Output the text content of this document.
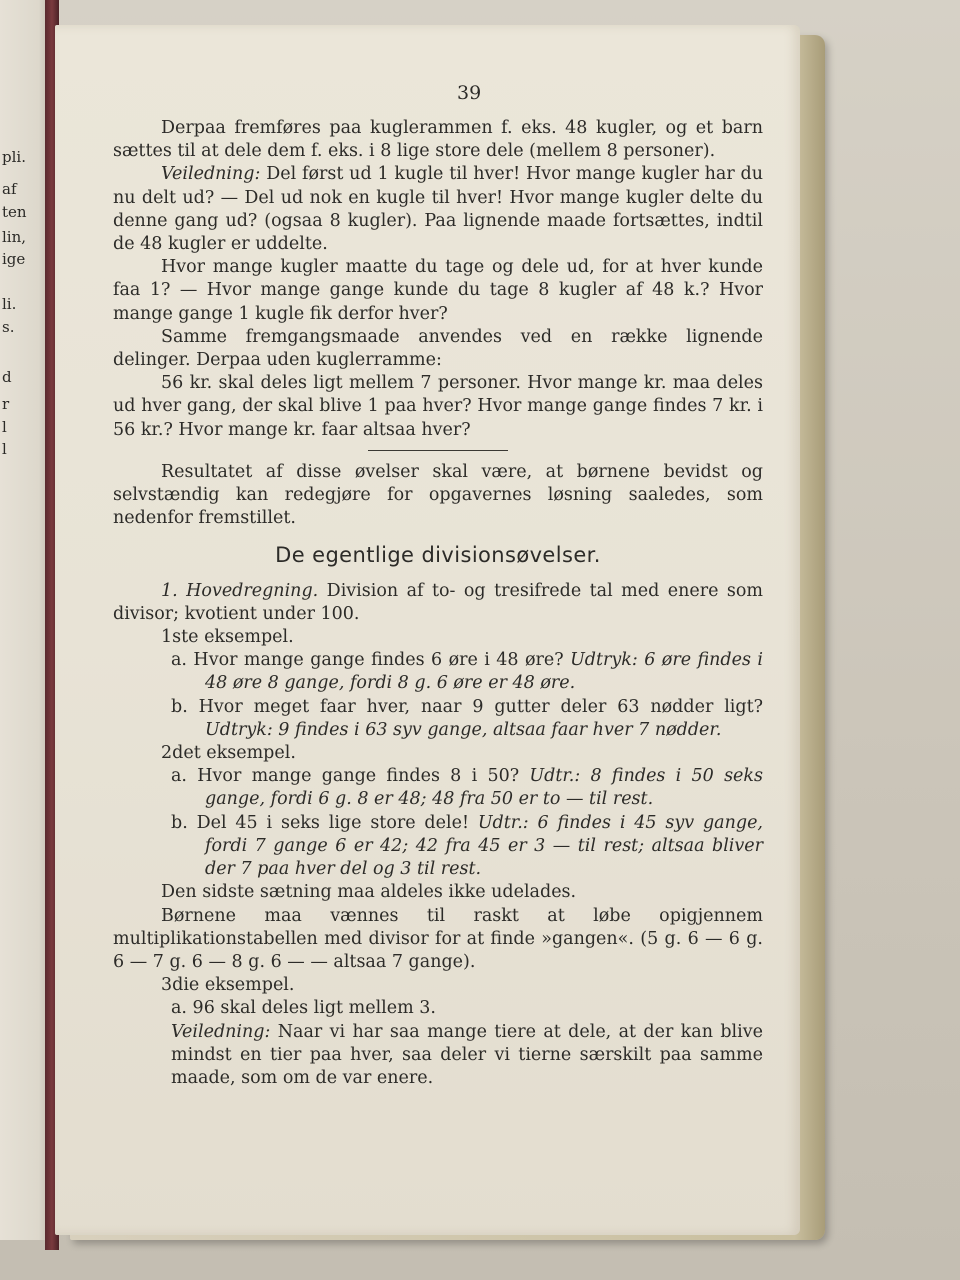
pli.
af
ten
lin,
ige
li.
s.
d
r
l
l
39

Derpaa fremføres paa kuglerammen f. eks. 48 kugler, og et barn sættes til at dele dem f. eks. i 8 lige store dele (mellem 8 personer).

Veiledning: Del først ud 1 kugle til hver! Hvor mange kugler har du nu delt ud? — Del ud nok en kugle til hver! Hvor mange kugler delte du denne gang ud? (ogsaa 8 kugler). Paa lignende maade fortsættes, indtil de 48 kugler er uddelte.

Hvor mange kugler maatte du tage og dele ud, for at hver kunde faa 1? — Hvor mange gange kunde du tage 8 kugler af 48 k.? Hvor mange gange 1 kugle fik derfor hver?

Samme fremgangsmaade anvendes ved en række lignende delinger. Derpaa uden kuglerramme:

56 kr. skal deles ligt mellem 7 personer. Hvor mange kr. maa deles ud hver gang, der skal blive 1 paa hver? Hvor mange gange findes 7 kr. i 56 kr.? Hvor mange kr. faar altsaa hver?

Resultatet af disse øvelser skal være, at børnene bevidst og selvstændig kan redegjøre for opgavernes løsning saaledes, som nedenfor fremstillet.

De egentlige divisionsøvelser.

1. Hovedregning. Division af to- og tresifrede tal med enere som divisor; kvotient under 100.

1ste eksempel.

a. Hvor mange gange findes 6 øre i 48 øre? Udtryk: 6 øre findes i 48 øre 8 gange, fordi 8 g. 6 øre er 48 øre.

b. Hvor meget faar hver, naar 9 gutter deler 63 nødder ligt? Udtryk: 9 findes i 63 syv gange, altsaa faar hver 7 nødder.

2det eksempel.

a. Hvor mange gange findes 8 i 50? Udtr.: 8 findes i 50 seks gange, fordi 6 g. 8 er 48; 48 fra 50 er to — til rest.

b. Del 45 i seks lige store dele! Udtr.: 6 findes i 45 syv gange, fordi 7 gange 6 er 42; 42 fra 45 er 3 — til rest; altsaa bliver der 7 paa hver del og 3 til rest.

Den sidste sætning maa aldeles ikke udelades.

Børnene maa vænnes til raskt at løbe opigjennem multiplikationstabellen med divisor for at finde »gangen«. (5 g. 6 — 6 g. 6 — 7 g. 6 — 8 g. 6 — — altsaa 7 gange).

3die eksempel.

a. 96 skal deles ligt mellem 3.

Veiledning: Naar vi har saa mange tiere at dele, at der kan blive mindst en tier paa hver, saa deler vi tierne særskilt paa samme maade, som om de var enere.
